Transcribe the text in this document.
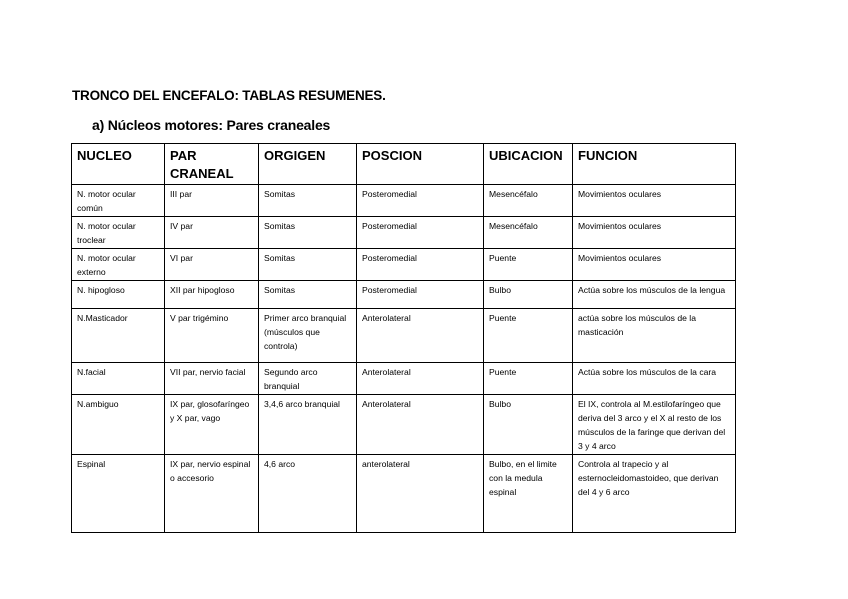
TRONCO DEL ENCEFALO: TABLAS RESUMENES.
a) Núcleos motores: Pares craneales
NUCLEO	PAR CRANEAL	ORGIGEN	POSCION	UBICACION	FUNCION
N. motor ocular común	III par	Somitas	Posteromedial	Mesencéfalo	Movimientos oculares
N. motor ocular troclear	IV par	Somitas	Posteromedial	Mesencéfalo	Movimientos oculares
N. motor ocular externo	VI par	Somitas	Posteromedial	Puente	Movimientos oculares
N. hipogloso	XII par hipogloso	Somitas	Posteromedial	Bulbo	Actúa sobre los músculos de la lengua
N.Masticador	V par trigémino	Primer arco branquial (músculos que controla)	Anterolateral	Puente	actúa sobre los músculos de la masticación
N.facial	VII par, nervio facial	Segundo arco branquial	Anterolateral	Puente	Actúa sobre los músculos de la cara
N.ambiguo	IX par, glosofaríngeo y X par, vago	3,4,6 arco branquial	Anterolateral	Bulbo	El IX, controla al M.estilofaríngeo que deriva del 3 arco y el X al resto de los músculos de la faringe que derivan del 3 y 4 arco
Espinal	IX par, nervio espinal o accesorio	4,6 arco	anterolateral	Bulbo, en el limite con la medula espinal	Controla al trapecio y al esternocleidomastoideo, que derivan del 4 y 6 arco
